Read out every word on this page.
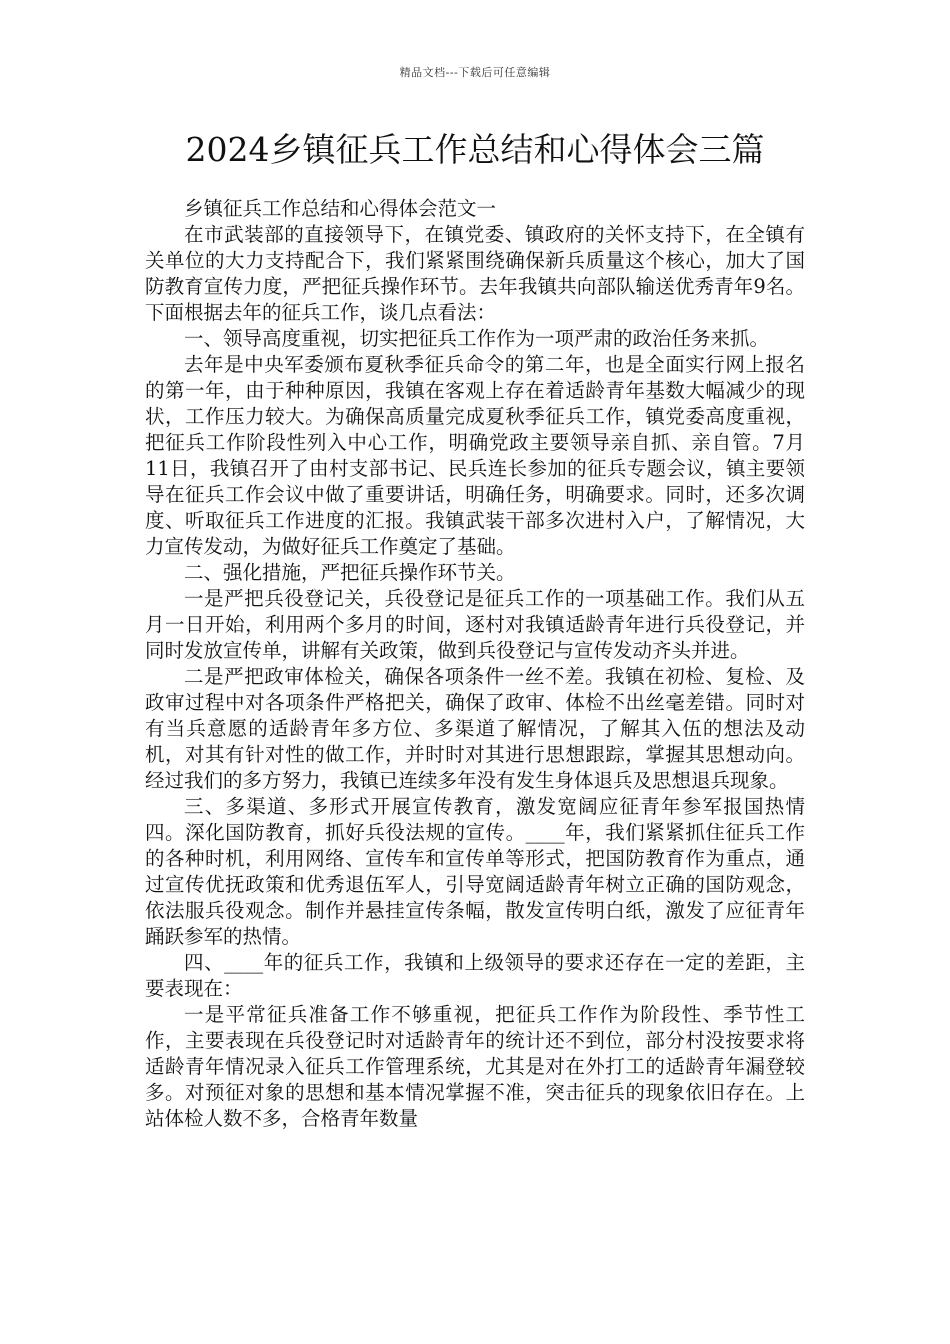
精品文档---下载后可任意编辑
2024乡镇征兵工作总结和心得体会三篇

乡镇征兵工作总结和心得体会范文一

在市武装部的直接领导下，在镇党委、镇政府的关怀支持下，在全镇有关单位的大力支持配合下，我们紧紧围绕确保新兵质量这个核心，加大了国防教育宣传力度，严把征兵操作环节。去年我镇共向部队输送优秀青年9名。下面根据去年的征兵工作，谈几点看法：

一、领导高度重视，切实把征兵工作作为一项严肃的政治任务来抓。

去年是中央军委颁布夏秋季征兵命令的第二年，也是全面实行网上报名的第一年，由于种种原因，我镇在客观上存在着适龄青年基数大幅减少的现状，工作压力较大。为确保高质量完成夏秋季征兵工作，镇党委高度重视，把征兵工作阶段性列入中心工作，明确党政主要领导亲自抓、亲自管。7月11日，我镇召开了由村支部书记、民兵连长参加的征兵专题会议，镇主要领导在征兵工作会议中做了重要讲话，明确任务，明确要求。同时，还多次调度、听取征兵工作进度的汇报。我镇武装干部多次进村入户，了解情况，大力宣传发动，为做好征兵工作奠定了基础。

二、强化措施，严把征兵操作环节关。

一是严把兵役登记关，兵役登记是征兵工作的一项基础工作。我们从五月一日开始，利用两个多月的时间，逐村对我镇适龄青年进行兵役登记，并同时发放宣传单，讲解有关政策，做到兵役登记与宣传发动齐头并进。

二是严把政审体检关，确保各项条件一丝不差。我镇在初检、复检、及政审过程中对各项条件严格把关，确保了政审、体检不出丝毫差错。同时对有当兵意愿的适龄青年多方位、多渠道了解情况，了解其入伍的想法及动机，对其有针对性的做工作，并时时对其进行思想跟踪，掌握其思想动向。经过我们的多方努力，我镇已连续多年没有发生身体退兵及思想退兵现象。

三、多渠道、多形式开展宣传教育，激发宽阔应征青年参军报国热情四。深化国防教育，抓好兵役法规的宣传。____年，我们紧紧抓住征兵工作的各种时机，利用网络、宣传车和宣传单等形式，把国防教育作为重点，通过宣传优抚政策和优秀退伍军人，引导宽阔适龄青年树立正确的国防观念，依法服兵役观念。制作并悬挂宣传条幅，散发宣传明白纸，激发了应征青年踊跃参军的热情。

四、____年的征兵工作，我镇和上级领导的要求还存在一定的差距，主要表现在：

一是平常征兵准备工作不够重视，把征兵工作作为阶段性、季节性工作，主要表现在兵役登记时对适龄青年的统计还不到位，部分村没按要求将适龄青年情况录入征兵工作管理系统，尤其是对在外打工的适龄青年漏登较多。对预征对象的思想和基本情况掌握不准，突击征兵的现象依旧存在。上站体检人数不多，合格青年数量
